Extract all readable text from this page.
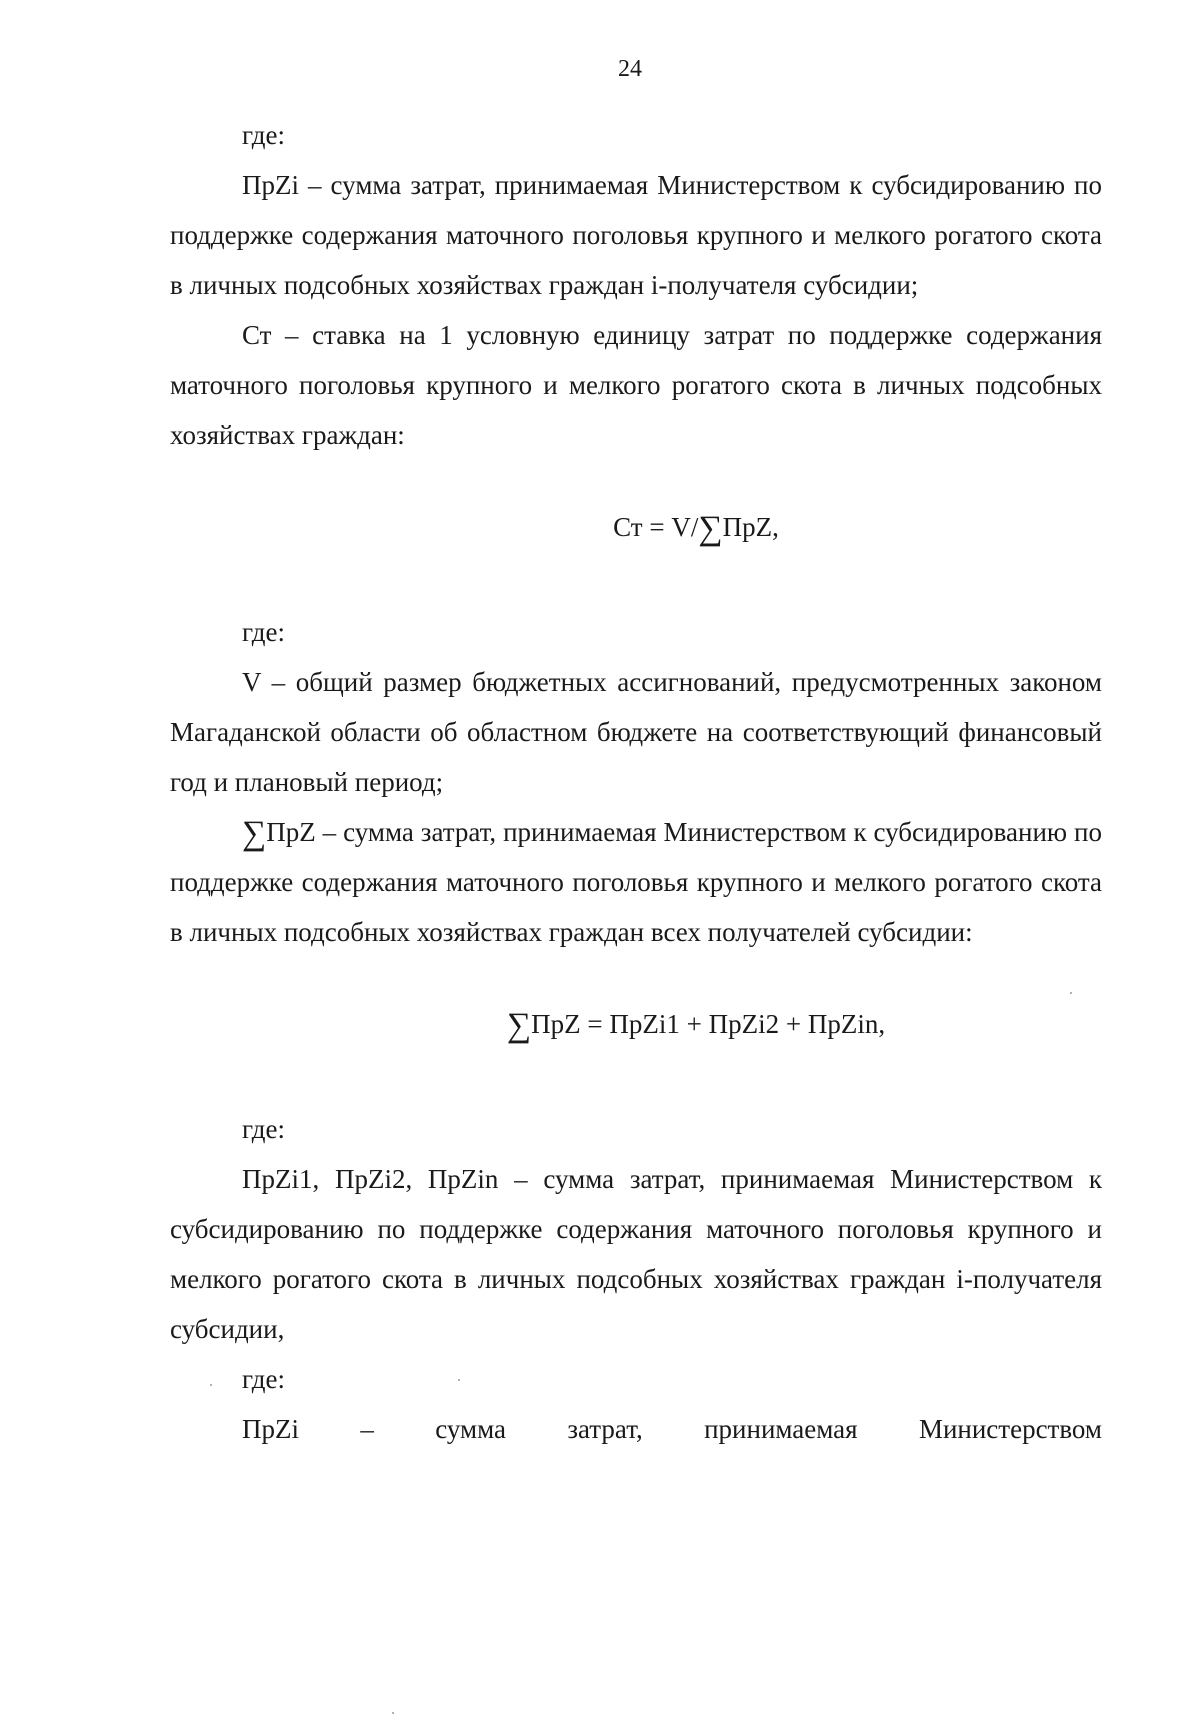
24

где:

ПрZi – сумма затрат, принимаемая Министерством к субсидированию по поддержке содержания маточного поголовья крупного и мелкого рогатого скота в личных подсобных хозяйствах граждан i-получателя субсидии;

Ст – ставка на 1 условную единицу затрат по поддержке содержания маточного поголовья крупного и мелкого рогатого скота в личных подсобных хозяйствах граждан:

Ст = V/∑ПрZ,

где:

V – общий размер бюджетных ассигнований, предусмотренных законом Магаданской области об областном бюджете на соответствующий финансовый год и плановый период;

∑ПрZ – сумма затрат, принимаемая Министерством к субсидированию по поддержке содержания маточного поголовья крупного и мелкого рогатого скота в личных подсобных хозяйствах граждан всех получателей субсидии:

∑ПрZ = ПрZi1 + ПрZi2 + ПрZin,

где:

ПрZi1, ПрZi2, ПрZin – сумма затрат, принимаемая Министерством к субсидированию по поддержке содержания маточного поголовья крупного и мелкого рогатого скота в личных подсобных хозяйствах граждан i-получателя субсидии,

где:

ПрZi – сумма затрат, принимаемая Министерством
